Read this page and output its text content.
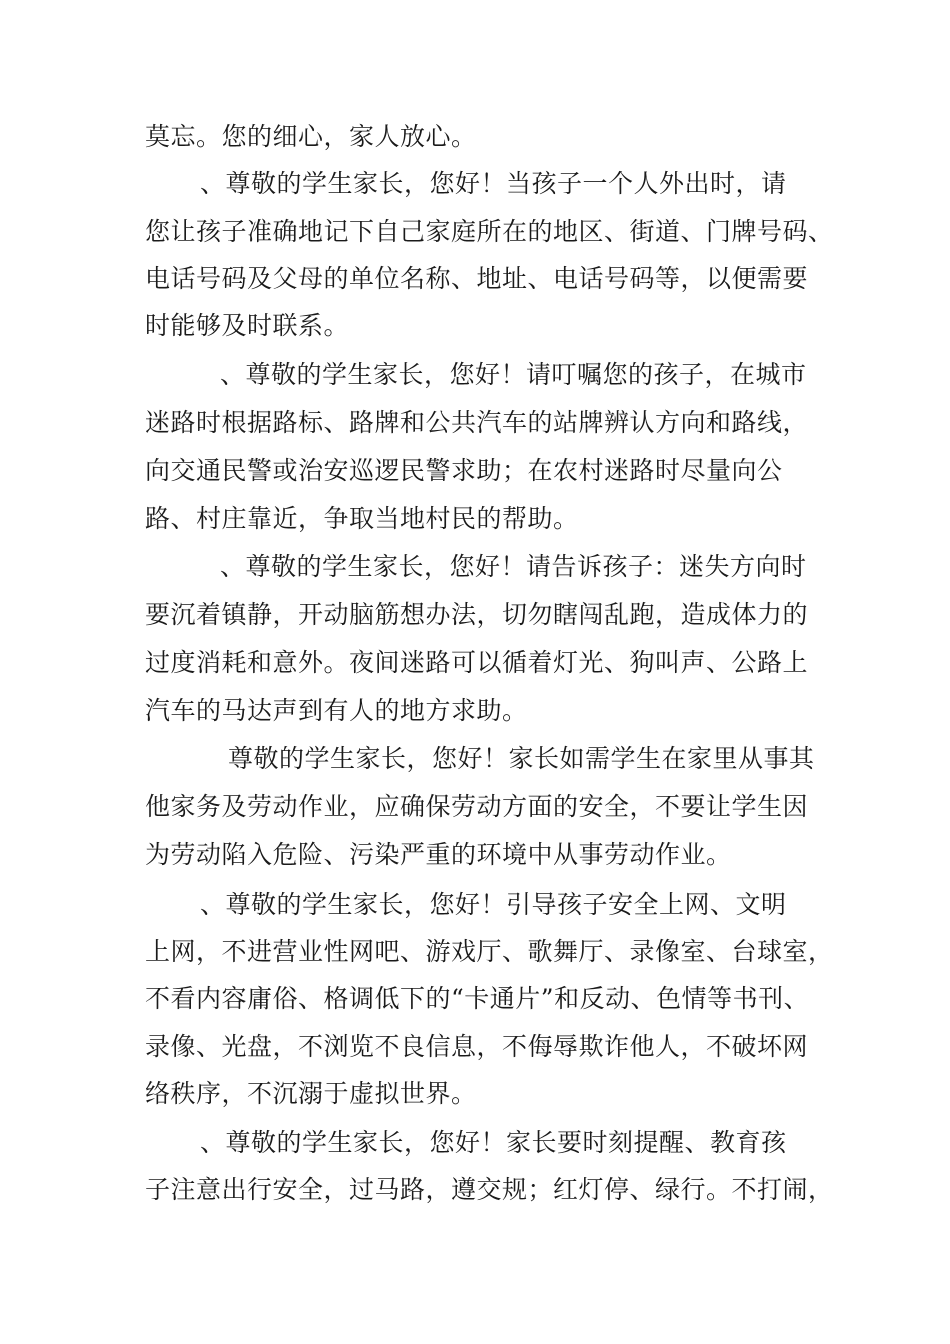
莫忘。您的细心，家人放心。
、尊敬的学生家长，您好！当孩子一个人外出时，请
您让孩子准确地记下自己家庭所在的地区、街道、门牌号码、
电话号码及父母的单位名称、地址、电话号码等，以便需要
时能够及时联系。
、尊敬的学生家长，您好！请叮嘱您的孩子，在城市
迷路时根据路标、路牌和公共汽车的站牌辨认方向和路线，
向交通民警或治安巡逻民警求助；在农村迷路时尽量向公
路、村庄靠近，争取当地村民的帮助。
、尊敬的学生家长，您好！请告诉孩子：迷失方向时
要沉着镇静，开动脑筋想办法，切勿瞎闯乱跑，造成体力的
过度消耗和意外。夜间迷路可以循着灯光、狗叫声、公路上
汽车的马达声到有人的地方求助。
尊敬的学生家长，您好！家长如需学生在家里从事其
他家务及劳动作业，应确保劳动方面的安全，不要让学生因
为劳动陷入危险、污染严重的环境中从事劳动作业。
、尊敬的学生家长，您好！引导孩子安全上网、文明
上网，不进营业性网吧、游戏厅、歌舞厅、录像室、台球室，
不看内容庸俗、格调低下的“卡通片”和反动、色情等书刊、
录像、光盘，不浏览不良信息，不侮辱欺诈他人，不破坏网
络秩序，不沉溺于虚拟世界。
、尊敬的学生家长，您好！家长要时刻提醒、教育孩
子注意出行安全，过马路，遵交规；红灯停、绿行。不打闹，
